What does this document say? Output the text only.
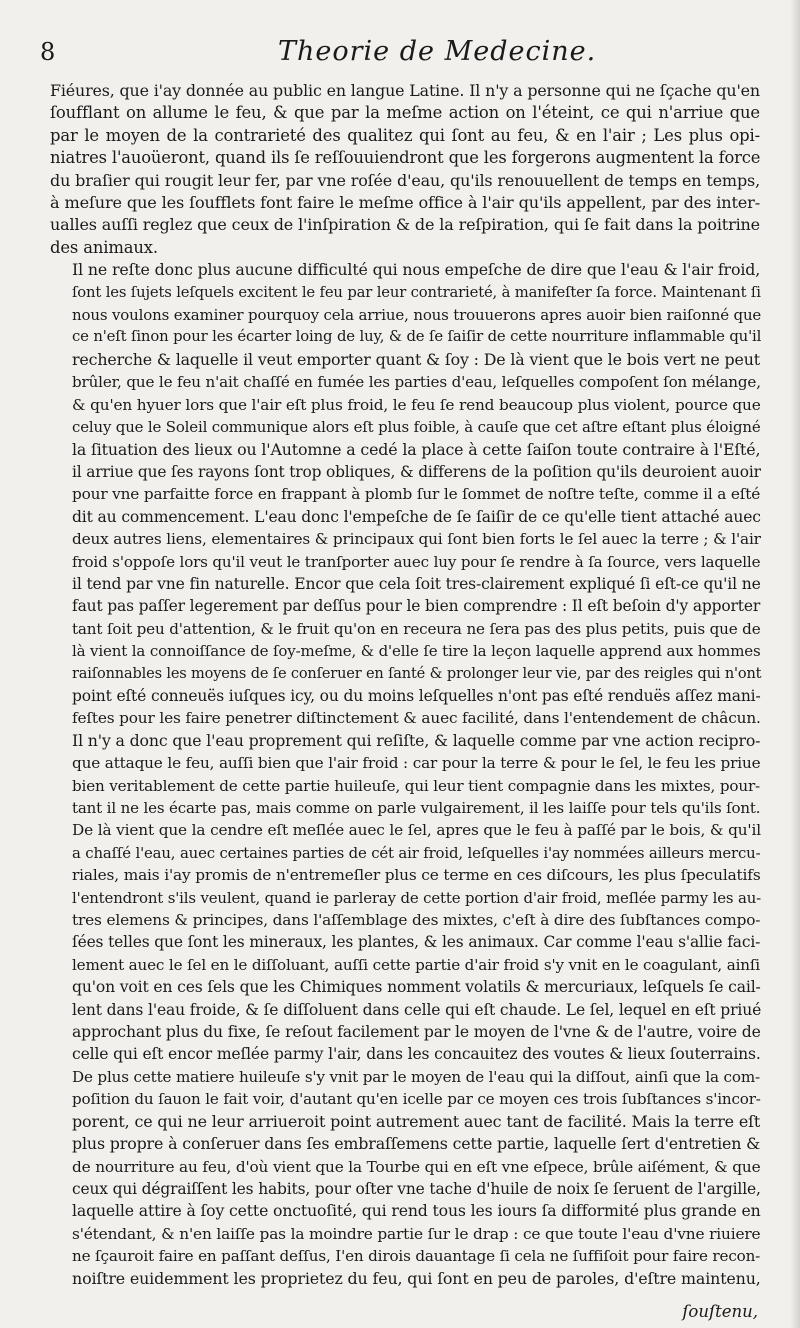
8	Theorie de Medecine.
Fiéures, que i'ay donnée au public en langue Latine. Il n'y a personne qui ne ſçache qu'en
ſoufflant on allume le feu, & que par la meſme action on l'éteint, ce qui n'arriue que
par le moyen de la contrarieté des qualitez qui ſont au feu, & en l'air ; Les plus opi-
niatres l'auoüeront, quand ils ſe reſſouuiendront que les forgerons augmentent la force
du braſier qui rougit leur fer, par vne roſée d'eau, qu'ils renouuellent de temps en temps,
à meſure que les ſoufflets font faire le meſme office à l'air qu'ils appellent, par des inter-
ualles auſſi reglez que ceux de l'inſpiration & de la reſpiration, qui ſe fait dans la poitrine
des animaux.
Il ne reſte donc plus aucune difficulté qui nous empeſche de dire que l'eau & l'air froid,
ſont les ſujets leſquels excitent le feu par leur contrarieté, à manifeſter ſa force. Maintenant ſi
nous voulons examiner pourquoy cela arriue, nous trouuerons apres auoir bien raiſonné que
ce n'eſt ſinon pour les écarter loing de luy, & de ſe ſaiſir de cette nourriture inflammable qu'il
recherche & laquelle il veut emporter quant & ſoy : De là vient que le bois vert ne peut
brûler, que le feu n'ait chaſſé en fumée les parties d'eau, leſquelles compoſent ſon mélange,
& qu'en hyuer lors que l'air eſt plus froid, le feu ſe rend beaucoup plus violent, pource que
celuy que le Soleil communique alors eſt plus foible, à cauſe que cet aſtre eſtant plus éloigné
la ſituation des lieux ou l'Automne a cedé la place à cette ſaiſon toute contraire à l'Eſté,
il arriue que ſes rayons ſont trop obliques, & differens de la poſition qu'ils deuroient auoir
pour vne parfaitte force en frappant à plomb ſur le ſommet de noſtre teſte, comme il a eſté
dit au commencement. L'eau donc l'empeſche de ſe ſaiſir de ce qu'elle tient attaché auec
deux autres liens, elementaires & principaux qui ſont bien forts le ſel auec la terre ; & l'air
froid s'oppoſe lors qu'il veut le tranſporter auec luy pour ſe rendre à ſa ſource, vers laquelle
il tend par vne fin naturelle. Encor que cela ſoit tres-clairement expliqué ſi eſt-ce qu'il ne
faut pas paſſer legerement par deſſus pour le bien comprendre : Il eſt beſoin d'y apporter
tant ſoit peu d'attention, & le fruit qu'on en receura ne ſera pas des plus petits, puis que de
là vient la connoiſſance de ſoy-meſme, & d'elle ſe tire la leçon laquelle apprend aux hommes
raiſonnables les moyens de ſe conſeruer en ſanté & prolonger leur vie, par des reigles qui n'ont
point eſté conneuës iuſques icy, ou du moins leſquelles n'ont pas eſté renduës aſſez mani-
feſtes pour les faire penetrer diſtinctement & auec facilité, dans l'entendement de châcun.
Il n'y a donc que l'eau proprement qui reſiſte, & laquelle comme par vne action recipro-
que attaque le feu, auſſi bien que l'air froid : car pour la terre & pour le ſel, le feu les priue
bien veritablement de cette partie huileuſe, qui leur tient compagnie dans les mixtes, pour-
tant il ne les écarte pas, mais comme on parle vulgairement, il les laiſſe pour tels qu'ils ſont.
De là vient que la cendre eſt meſlée auec le ſel, apres que le feu à paſſé par le bois, & qu'il
a chaſſé l'eau, auec certaines parties de cét air froid, leſquelles i'ay nommées ailleurs mercu-
riales, mais i'ay promis de n'entremeſler plus ce terme en ces diſcours, les plus ſpeculatifs
l'entendront s'ils veulent, quand ie parleray de cette portion d'air froid, meſlée parmy les au-
tres elemens & principes, dans l'aſſemblage des mixtes, c'eſt à dire des ſubſtances compo-
ſées telles que ſont les mineraux, les plantes, & les animaux. Car comme l'eau s'allie faci-
lement auec le ſel en le diſſoluant, auſſi cette partie d'air froid s'y vnit en le coagulant, ainſi
qu'on voit en ces ſels que les Chimiques nomment volatils & mercuriaux, leſquels ſe cail-
lent dans l'eau froide, & ſe diſſoluent dans celle qui eſt chaude. Le ſel, lequel en eſt priué
approchant plus du fixe, ſe reſout facilement par le moyen de l'vne & de l'autre, voire de
celle qui eſt encor meſlée parmy l'air, dans les concauitez des voutes & lieux ſouterrains.
De plus cette matiere huileuſe s'y vnit par le moyen de l'eau qui la diſſout, ainſi que la com-
poſition du ſauon le fait voir, d'autant qu'en icelle par ce moyen ces trois ſubſtances s'incor-
porent, ce qui ne leur arriueroit point autrement auec tant de facilité. Mais la terre eſt
plus propre à conſeruer dans ſes embraſſemens cette partie, laquelle ſert d'entretien &
de nourriture au feu, d'où vient que la Tourbe qui en eſt vne eſpece, brûle aiſément, & que
ceux qui dégraiſſent les habits, pour oſter vne tache d'huile de noix ſe ſeruent de l'argille,
laquelle attire à ſoy cette onctuoſité, qui rend tous les iours ſa difformité plus grande en
s'étendant, & n'en laiſſe pas la moindre partie ſur le drap : ce que toute l'eau d'vne riuiere
ne ſçauroit faire en paſſant deſſus, I'en dirois dauantage ſi cela ne ſuffiſoit pour faire recon-
noiſtre euidemment les proprietez du feu, qui ſont en peu de paroles, d'eſtre maintenu,
ſouſtenu,
